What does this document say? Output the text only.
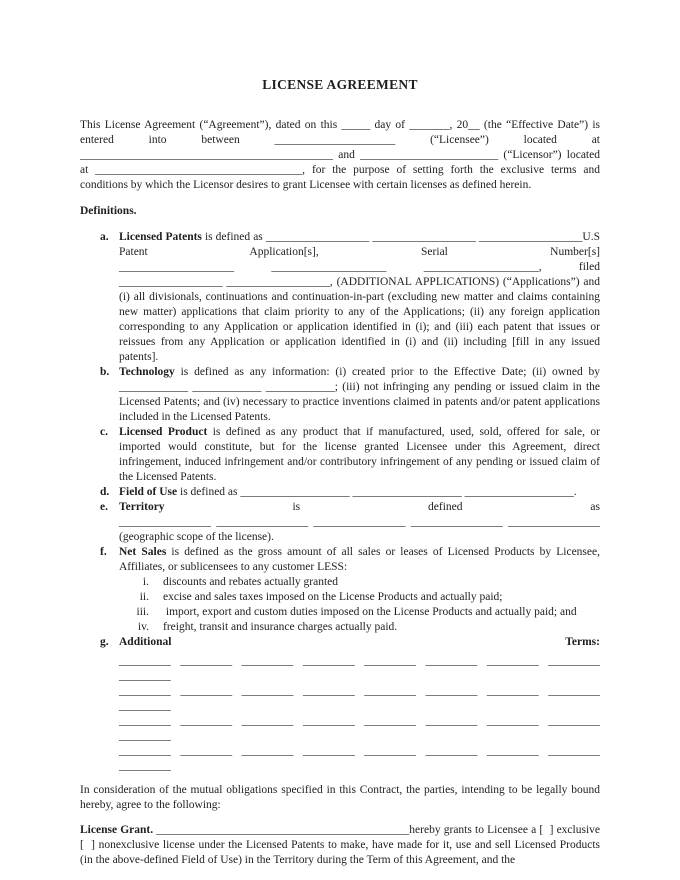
LICENSE AGREEMENT

This License Agreement (“Agreement”), dated on this _____ day of _______, 20__ (the “Effective Date”) is entered into between _____________________ (“Licensee”) located at ____________________________________________ and ________________________ (“Licensor”) located at ____________________________________, for the purpose of setting forth the exclusive terms and conditions by which the Licensor desires to grant Licensee with certain licenses as defined herein.

Definitions.

a. Licensed Patents is defined as __________________ __________________ __________________U.S Patent Application[s], Serial Number[s] ____________________ ____________________ ____________________, filed __________________ __________________, (ADDITIONAL APPLICATIONS) (“Applications”) and (i) all divisionals, continuations and continuation-in-part (excluding new matter and claims containing new matter) applications that claim priority to any of the Applications; (ii) any foreign application corresponding to any Application or application identified in (i); and (iii) each patent that issues or reissues from any Application or application identified in (i) and (ii) including [fill in any issued patents].
b. Technology is defined as any information: (i) created prior to the Effective Date; (ii) owned by ____________ ____________ ____________; (iii) not infringing any pending or issued claim in the Licensed Patents; and (iv) necessary to practice inventions claimed in patents and/or patent applications included in the Licensed Patents.
c. Licensed Product is defined as any product that if manufactured, used, sold, offered for sale, or imported would constitute, but for the license granted Licensee under this Agreement, direct infringement, induced infringement and/or contributory infringement of any pending or issued claim of the Licensed Patents.
d. Field of Use is defined as ___________________ ___________________ ___________________.
e. Territory is defined as ________________ ________________ ________________ ________________ ________________ (geographic scope of the license).
f.	Net Sales is defined as the gross amount of all sales or leases of Licensed Products by Licensee, Affiliates, or sublicensees to any customer LESS:
i. discounts and rebates actually granted
ii. excise and sales taxes imposed on the License Products and actually paid;
iii. import, export and custom duties imposed on the License Products and actually paid; and
iv. freight, transit and insurance charges actually paid.
g. Additional Terms:
_________ _________ _________ _________ _________ _________ _________ _________ _________
_________ _________ _________ _________ _________ _________ _________ _________ _________
_________ _________ _________ _________ _________ _________ _________ _________ _________
_________ _________ _________ _________ _________ _________ _________ _________ _________

In consideration of the mutual obligations specified in this Contract, the parties, intending to be legally bound hereby, agree to the following:

License Grant. ____________________________________________hereby grants to Licensee a [  ] exclusive [  ] nonexclusive license under the Licensed Patents to make, have made for it, use and sell Licensed Products (in the above-defined Field of Use) in the Territory during the Term of this Agreement, and the
